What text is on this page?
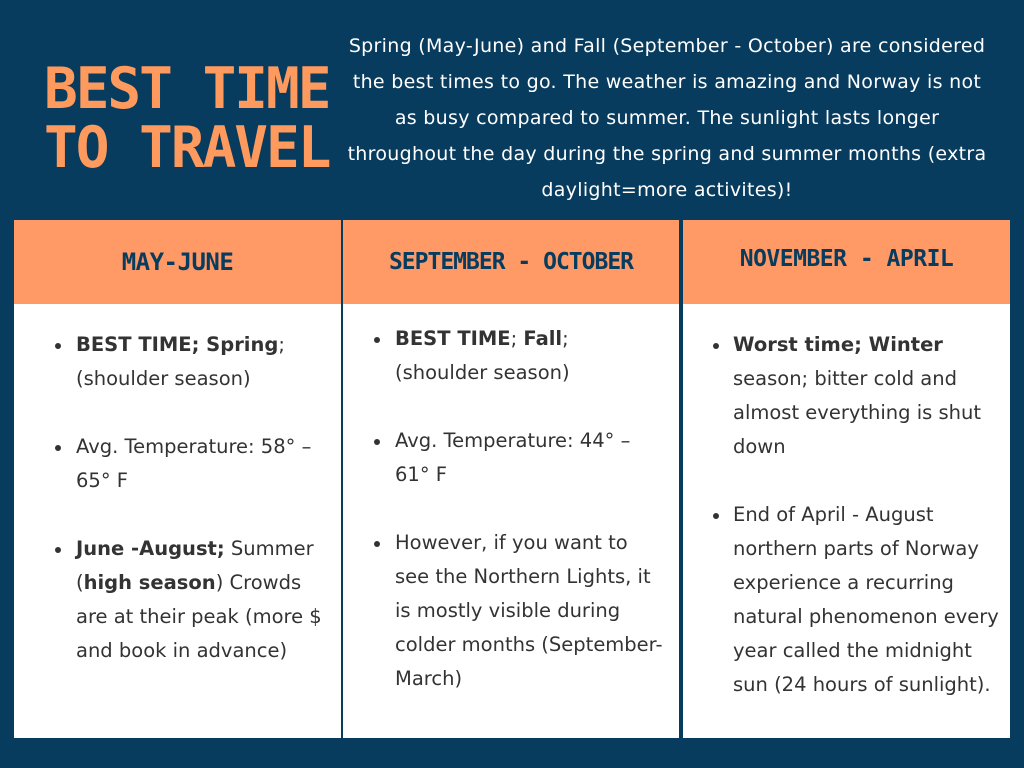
BEST TIME
TO TRAVEL

Spring (May-June) and Fall (September - October) are considered the best times to go. The weather is amazing and Norway is not as busy compared to summer. The sunlight lasts longer throughout the day during the spring and summer months (extra daylight=more activites)!

MAY-JUNE
BEST TIME; Spring; (shoulder season)
Avg. Temperature: 58° – 65° F
June -August; Summer (high season) Crowds are at their peak (more $ and book in advance)
SEPTEMBER - OCTOBER
BEST TIME; Fall; (shoulder season)
Avg. Temperature: 44° – 61° F
However, if you want to see the Northern Lights, it is mostly visible during colder months (September-March)
NOVEMBER - APRIL
Worst time; Winter season; bitter cold and almost everything is shut down
End of April - August northern parts of Norway experience a recurring natural phenomenon every year called the midnight sun (24 hours of sunlight).
